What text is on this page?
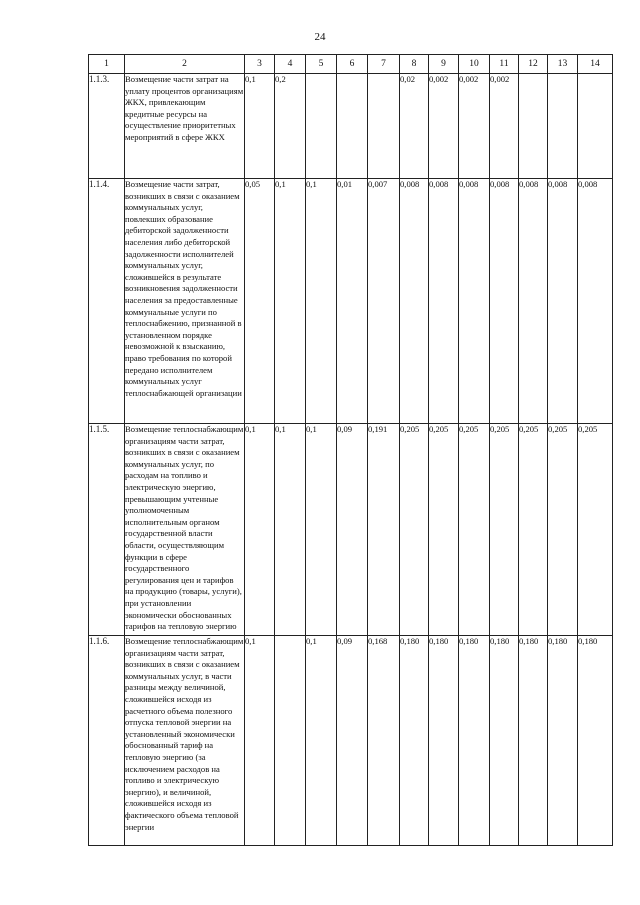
24
1	2	3	4	5	6	7	8	9	10	11	12	13	14
1.1.3.	Возмещение части затрат на уплату процентов организациям ЖКХ, привлекающим кредитные ресурсы на осуществление приоритетных мероприятий в сфере ЖКХ	0,1	0,2				0,02	0,002	0,002	0,002			
1.1.4.	Возмещение части затрат, возникших в связи с оказанием коммунальных услуг, повлекших образование дебиторской задолженности населения либо дебиторской задолженности исполнителей коммунальных услуг, сложившейся в результате возникновения задолженности населения за предоставленные коммунальные услуги по теплоснабжению, признанной в установленном порядке невозможной к взысканию, право требования по которой передано исполнителем коммунальных услуг теплоснабжающей организации	0,05	0,1	0,1	0,01	0,007	0,008	0,008	0,008	0,008	0,008	0,008	0,008
1.1.5.	Возмещение теплоснабжающим организациям части затрат, возникших в связи с оказанием коммунальных услуг, по расходам на топливо и электрическую энергию, превышающим учтенные уполномоченным исполнительным органом государственной власти области, осуществляющим функции в сфере государственного регулирования цен и тарифов на продукцию (товары, услуги), при установлении экономически обоснованных тарифов на тепловую энергию	0,1	0,1	0,1	0,09	0,191	0,205	0,205	0,205	0,205	0,205	0,205	0,205
1.1.6.	Возмещение теплоснабжающим организациям части затрат, возникших в связи с оказанием коммунальных услуг, в части разницы между величиной, сложившейся исходя из расчетного объема полезного отпуска тепловой энергии на установленный экономически обоснованный тариф на тепловую энергию (за исключением расходов на топливо и электрическую энергию), и величиной, сложившейся исходя из фактического объема тепловой энергии	0,1		0,1	0,09	0,168	0,180	0,180	0,180	0,180	0,180	0,180	0,180
